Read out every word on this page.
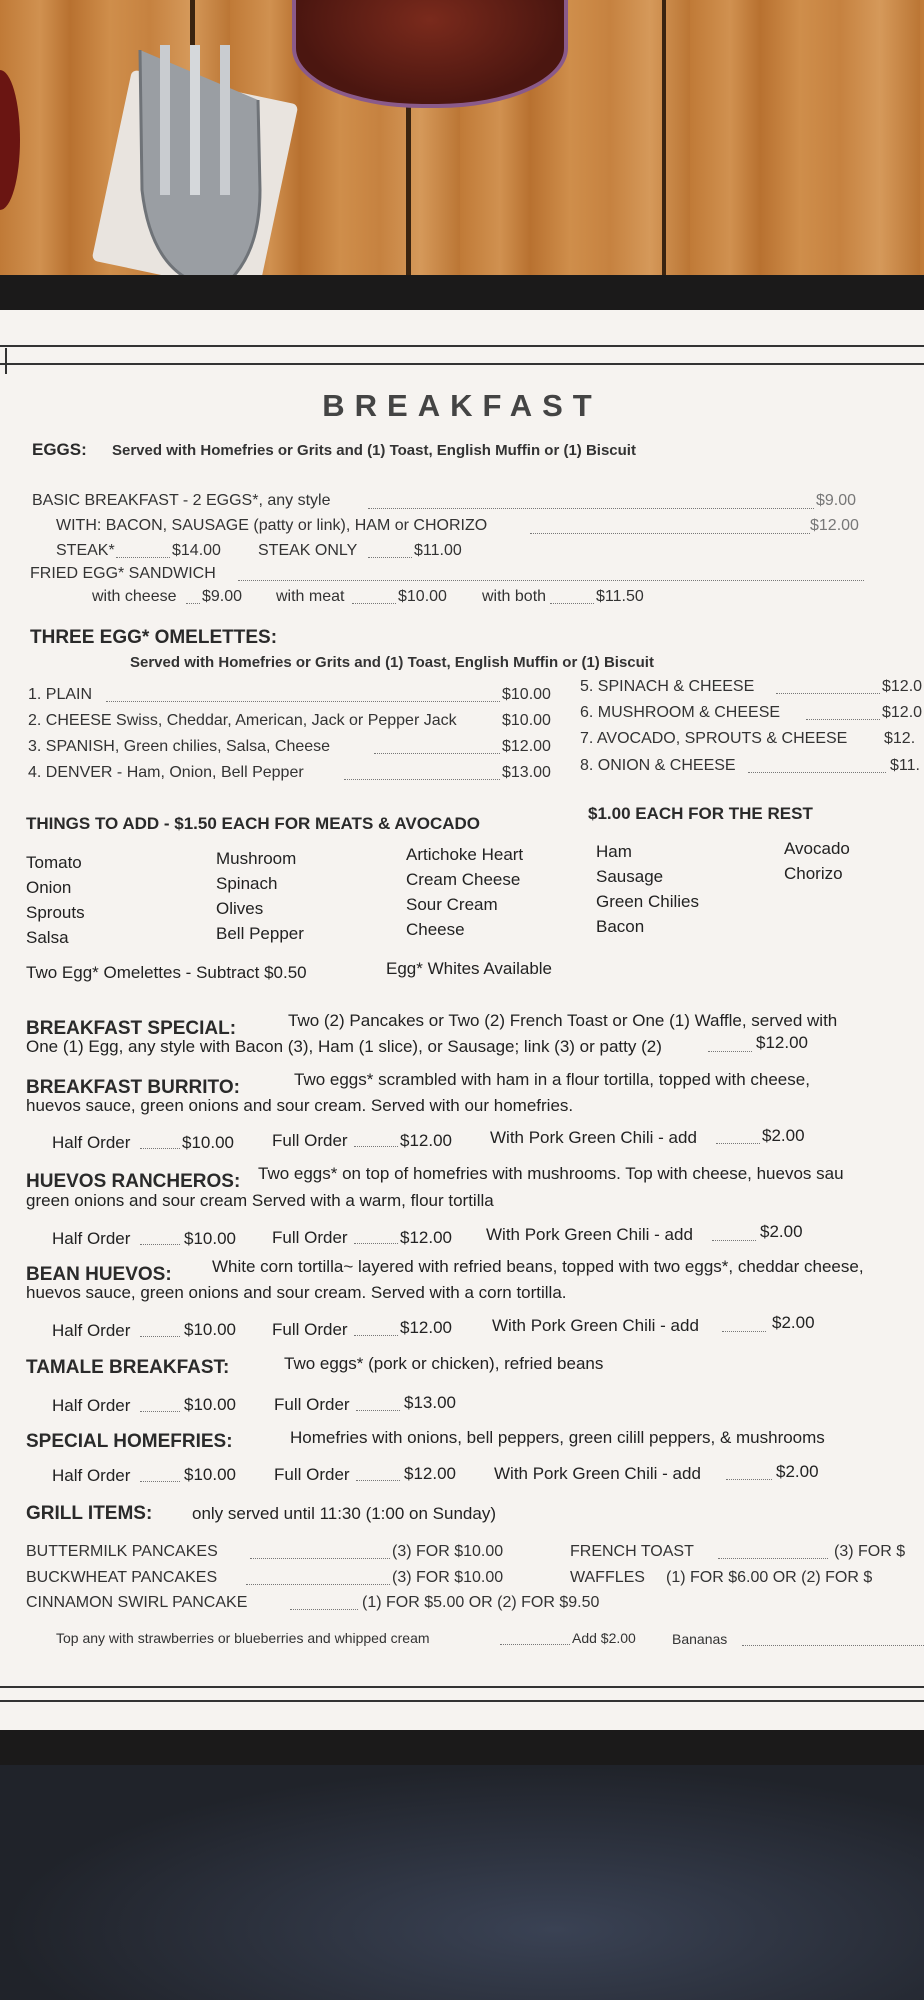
BREAKFAST
EGGS: Served with Homefries or Grits and (1) Toast, English Muffin or (1) Biscuit
BASIC BREAKFAST - 2 EGGS*, any style	$9.00
WITH: BACON, SAUSAGE (patty or link), HAM or CHORIZO	$12.00
STEAK*	$14.00 STEAK ONLY	$11.00
FRIED EGG* SANDWICH
with cheese $9.00 with meat	$10.00 with both	$11.50
THREE EGG* OMELETTES:
Served with Homefries or Grits and (1) Toast, English Muffin or (1) Biscuit
1. PLAIN	$10.00
2. CHEESE Swiss, Cheddar, American, Jack or Pepper Jack	$10.00
3. SPANISH, Green chilies, Salsa, Cheese	$12.00
4. DENVER - Ham, Onion, Bell Pepper	$13.00
5. SPINACH & CHEESE	$12.0
6. MUSHROOM & CHEESE	$12.0
7. AVOCADO, SPROUTS & CHEESE $12.
8. ONION & CHEESE	$11.
THINGS TO ADD - $1.50 EACH FOR MEATS & AVOCADO
$1.00 EACH FOR THE REST
Tomato
Onion
Sprouts
Salsa
Mushroom
Spinach
Olives
Bell Pepper
Artichoke Heart
Cream Cheese
Sour Cream
Cheese
Ham
Sausage
Green Chilies
Bacon
Avocado
Chorizo
Two Egg* Omelettes - Subtract $0.50	Egg* Whites Available
BREAKFAST SPECIAL:	Two (2) Pancakes or Two (2) French Toast or One (1) Waffle, served with
One (1) Egg, any style with Bacon (3), Ham (1 slice), or Sausage; link (3) or patty (2)	$12.00
BREAKFAST BURRITO:	Two eggs* scrambled with ham in a flour tortilla, topped with cheese,
huevos sauce, green onions and sour cream. Served with our homefries.
Half Order	$10.00 Full Order	$12.00 With Pork Green Chili - add	$2.00
HUEVOS RANCHEROS: Two eggs* on top of homefries with mushrooms. Top with cheese, huevos sau
green onions and sour cream Served with a warm, flour tortilla
Half Order	$10.00 Full Order	$12.00 With Pork Green Chili - add	$2.00
BEAN HUEVOS: White corn tortilla~ layered with refried beans, topped with two eggs*, cheddar cheese,
huevos sauce, green onions and sour cream. Served with a corn tortilla.
Half Order	$10.00 Full Order	$12.00 With Pork Green Chili - add	$2.00
TAMALE BREAKFAST:	Two eggs* (pork or chicken), refried beans
Half Order	$10.00 Full Order	$13.00
SPECIAL HOMEFRIES:	Homefries with onions, bell peppers, green cilill peppers, & mushrooms
Half Order	$10.00 Full Order	$12.00 With Pork Green Chili - add	$2.00
GRILL ITEMS: only served until 11:30 (1:00 on Sunday)
BUTTERMILK PANCAKES	(3) FOR $10.00
BUCKWHEAT PANCAKES	(3) FOR $10.00
CINNAMON SWIRL PANCAKE	(1) FOR $5.00 OR (2) FOR $9.50
FRENCH TOAST	(3) FOR $
WAFFLES (1) FOR $6.00 OR (2) FOR $
Top any with strawberries or blueberries and whipped cream	Add $2.00	Bananas
